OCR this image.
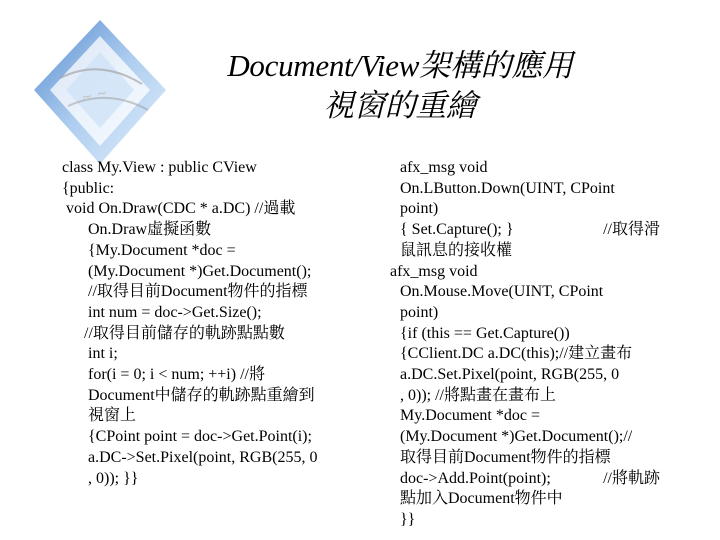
~ ~
Document/View架構的應用
視窗的重繪
class My.View : public CView
{public:
void On.Draw(CDC * a.DC) //過載
On.Draw虛擬函數
{My.Document *doc =
(My.Document *)Get.Document();
//取得目前Document物件的指標
int num = doc->Get.Size();
//取得目前儲存的軌跡點點數
int i;
for(i = 0; i < num; ++i) //將
Document中儲存的軌跡點重繪到
視窗上
{CPoint point = doc->Get.Point(i);
a.DC->Set.Pixel(point, RGB(255, 0
, 0)); }}
afx_msg void
On.LButton.Down(UINT, CPoint
point)
{ Set.Capture(); }	//取得滑
鼠訊息的接收權
afx_msg void
On.Mouse.Move(UINT, CPoint
point)
{if (this == Get.Capture())
{CClient.DC a.DC(this);//建立畫布
a.DC.Set.Pixel(point, RGB(255, 0
, 0)); //將點畫在畫布上
My.Document *doc =
(My.Document *)Get.Document();//
取得目前Document物件的指標
doc->Add.Point(point);	//將軌跡
點加入Document物件中
}}
